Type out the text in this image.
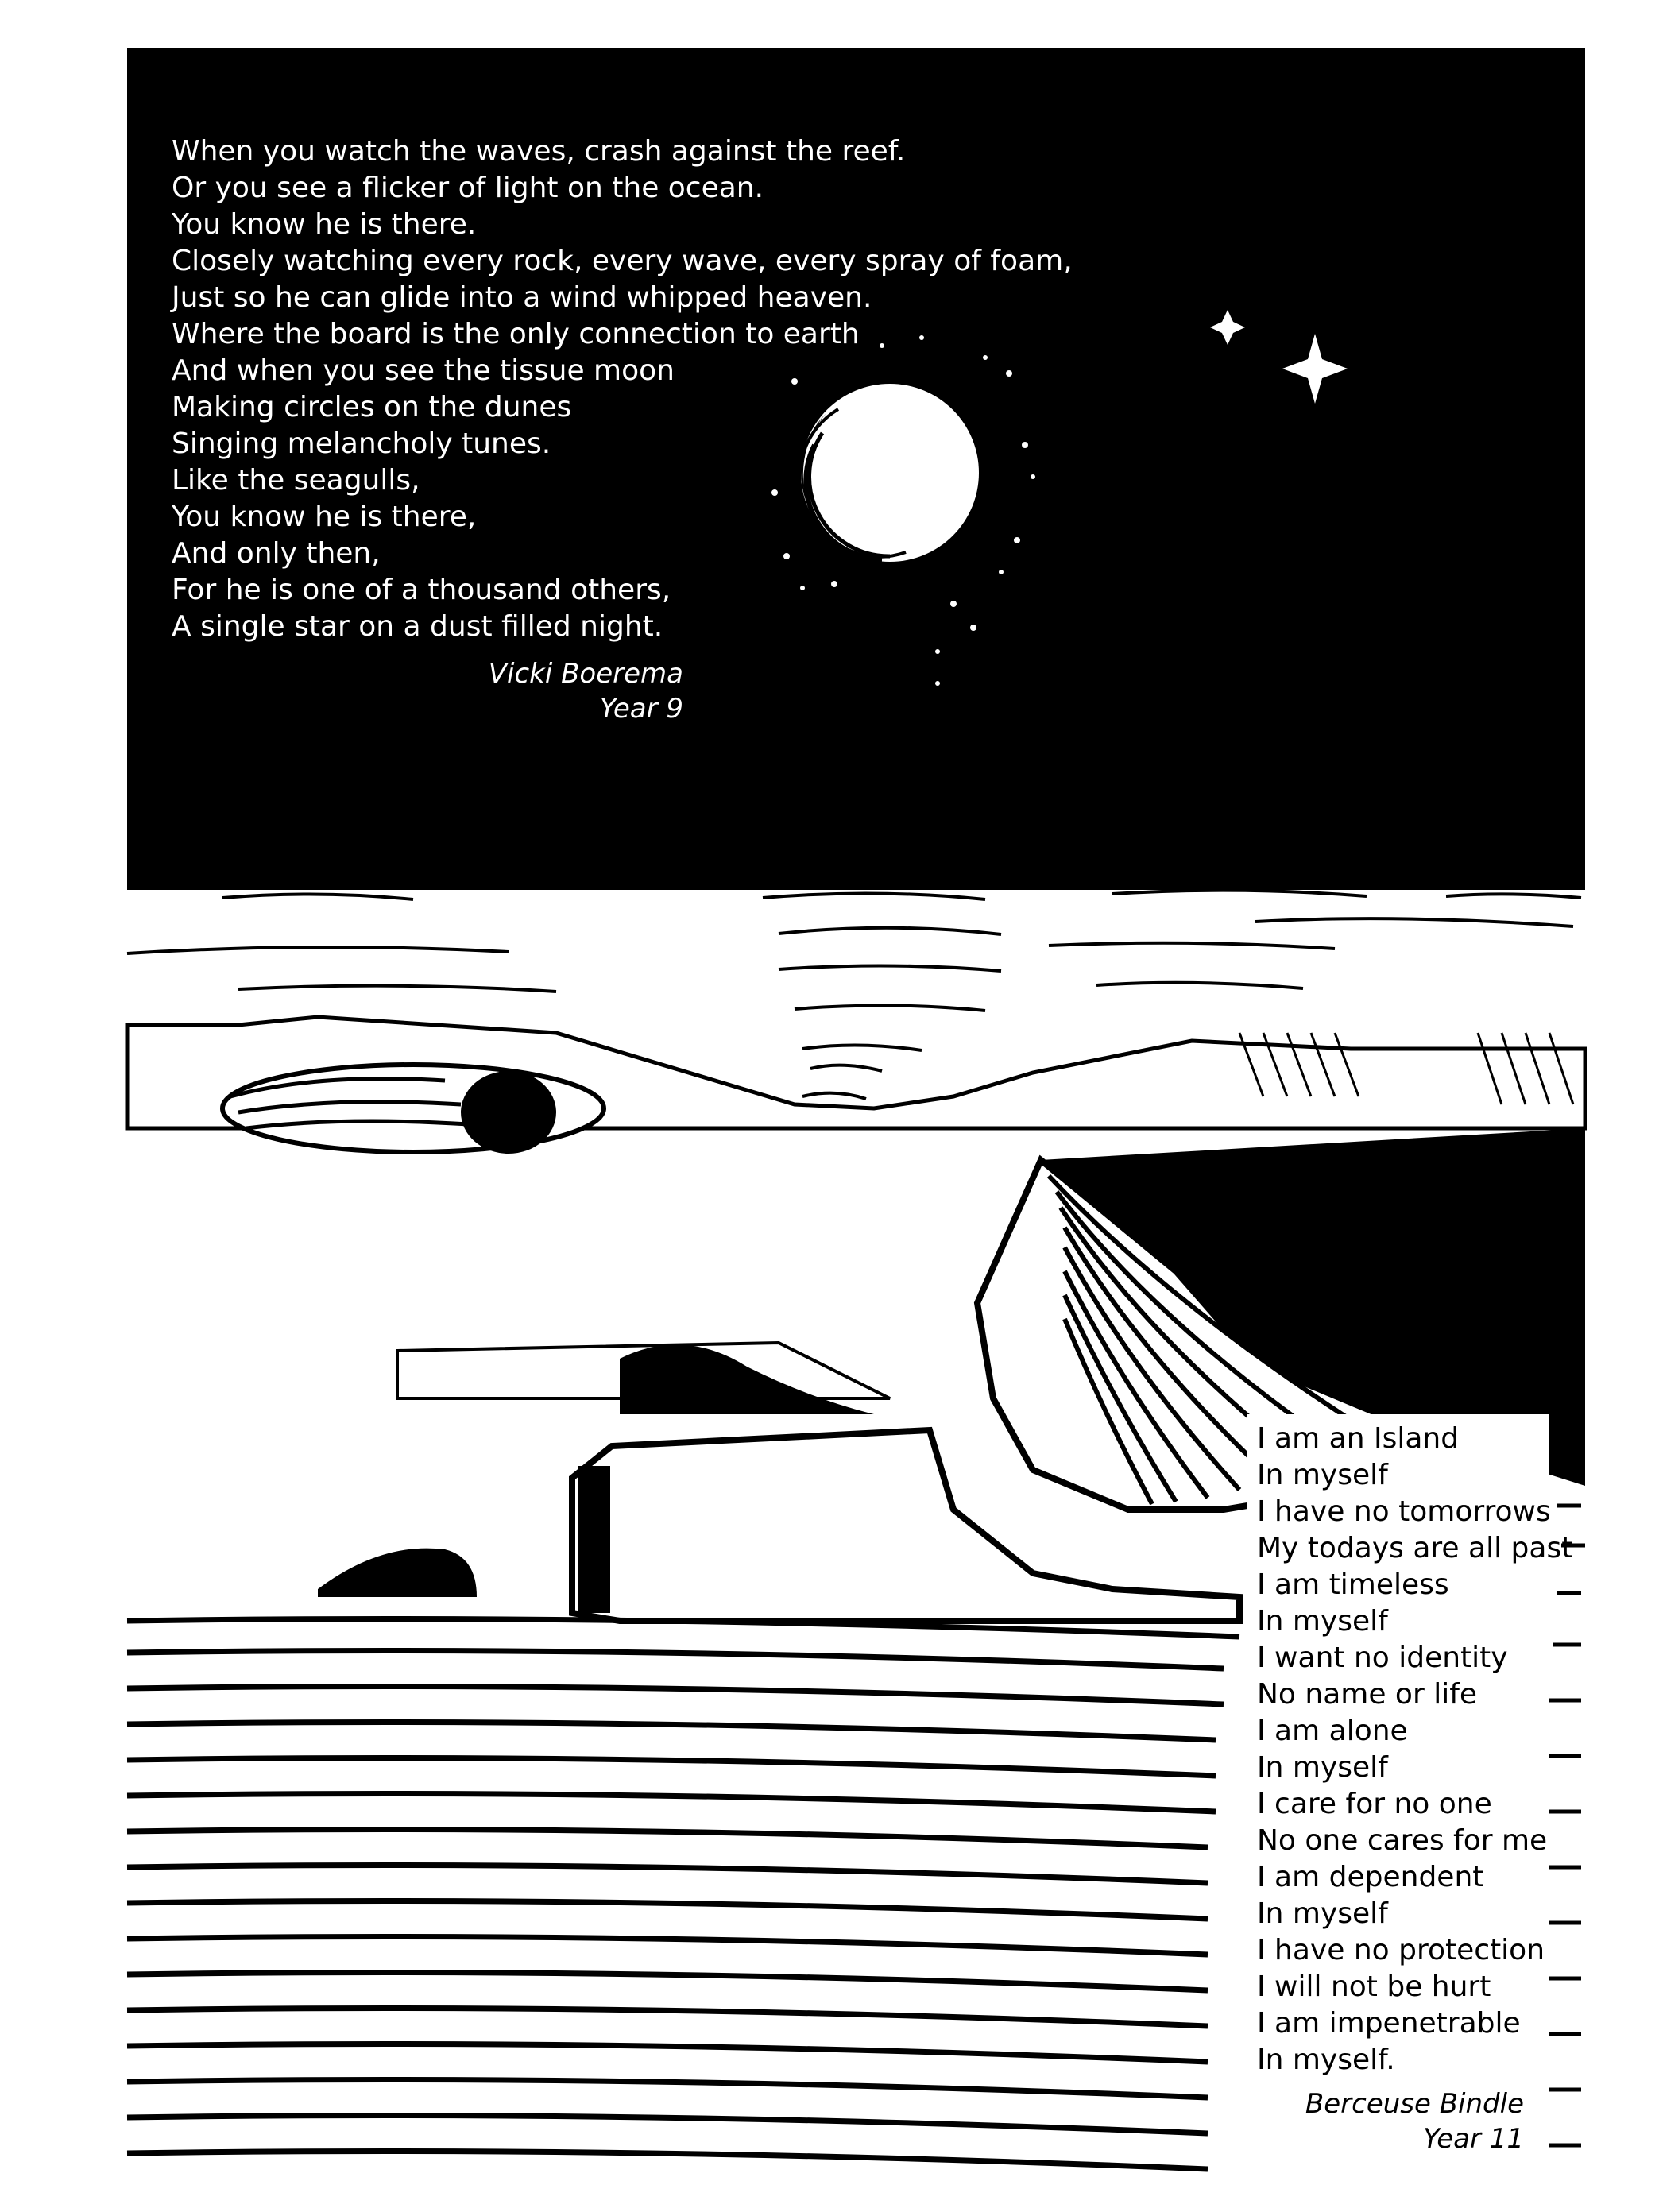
When you watch the waves, crash against the reef.
Or you see a flicker of light on the ocean.
You know he is there.
Closely watching every rock, every wave, every spray of foam,
Just so he can glide into a wind whipped heaven.
Where the board is the only connection to earth
And when you see the tissue moon
Making circles on the dunes
Singing melancholy tunes.
Like the seagulls,
You know he is there,
And only then,
For he is one of a thousand others,
A single star on a dust filled night.
Vicki Boerema
Year 9
I am an Island
In myself
I have no tomorrows
My todays are all past
I am timeless
In myself
I want no identity
No name or life
I am alone
In myself
I care for no one
No one cares for me
I am dependent
In myself
I have no protection
I will not be hurt
I am impenetrable
In myself.
Berceuse Bindle
Year 11
